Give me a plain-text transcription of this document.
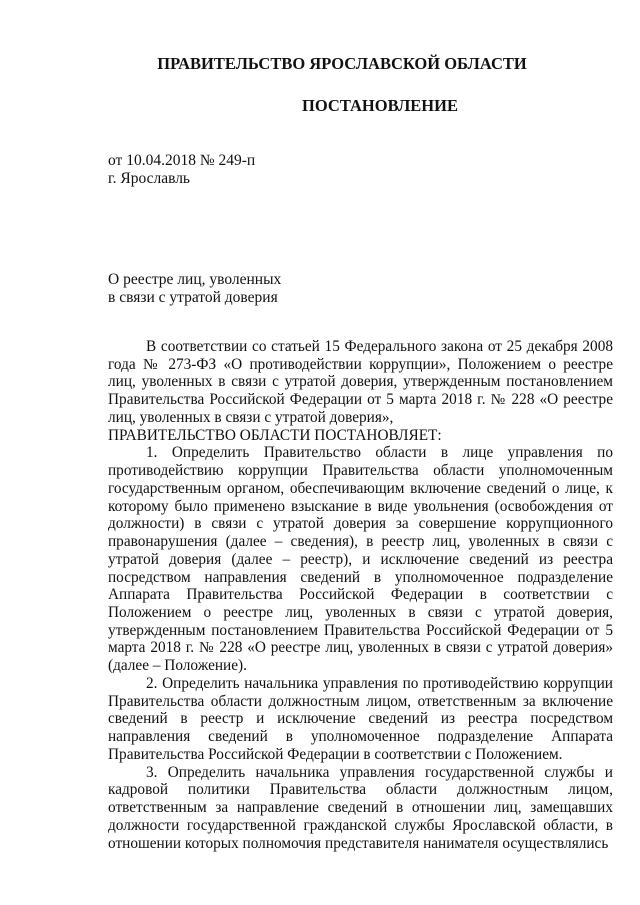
ПРАВИТЕЛЬСТВО ЯРОСЛАВСКОЙ ОБЛАСТИ
ПОСТАНОВЛЕНИЕ

от 10.04.2018 № 249-п

г. Ярославль

О реестре лиц, уволенных
в связи с утратой доверия

В соответствии со статьей 15 Федерального закона от 25 декабря 2008 года № 273-ФЗ «О противодействии коррупции», Положением о реестре лиц, уволенных в связи с утратой доверия, утвержденным постановлением Правительства Российской Федерации от 5 марта 2018 г. № 228 «О реестре лиц, уволенных в связи с утратой доверия»,

ПРАВИТЕЛЬСТВО ОБЛАСТИ ПОСТАНОВЛЯЕТ:

1. Определить Правительство области в лице управления по противодействию коррупции Правительства области уполномоченным государственным органом, обеспечивающим включение сведений о лице, к которому было применено взыскание в виде увольнения (освобождения от должности) в связи с утратой доверия за совершение коррупционного правонарушения (далее – сведения), в реестр лиц, уволенных в связи с утратой доверия (далее – реестр), и исключение сведений из реестра посредством направления сведений в уполномоченное подразделение Аппарата Правительства Российской Федерации в соответствии с Положением о реестре лиц, уволенных в связи с утратой доверия, утвержденным постановлением Правительства Российской Федерации от 5 марта 2018 г. № 228 «О реестре лиц, уволенных в связи с утратой доверия» (далее – Положение).

2. Определить начальника управления по противодействию коррупции Правительства области должностным лицом, ответственным за включение сведений в реестр и исключение сведений из реестра посредством направления сведений в уполномоченное подразделение Аппарата Правительства Российской Федерации в соответствии с Положением.

3. Определить начальника управления государственной службы и кадровой политики Правительства области должностным лицом, ответственным за направление сведений в отношении лиц, замещавших должности государственной гражданской службы Ярославской области, в отношении которых полномочия представителя нанимателя осуществлялись
